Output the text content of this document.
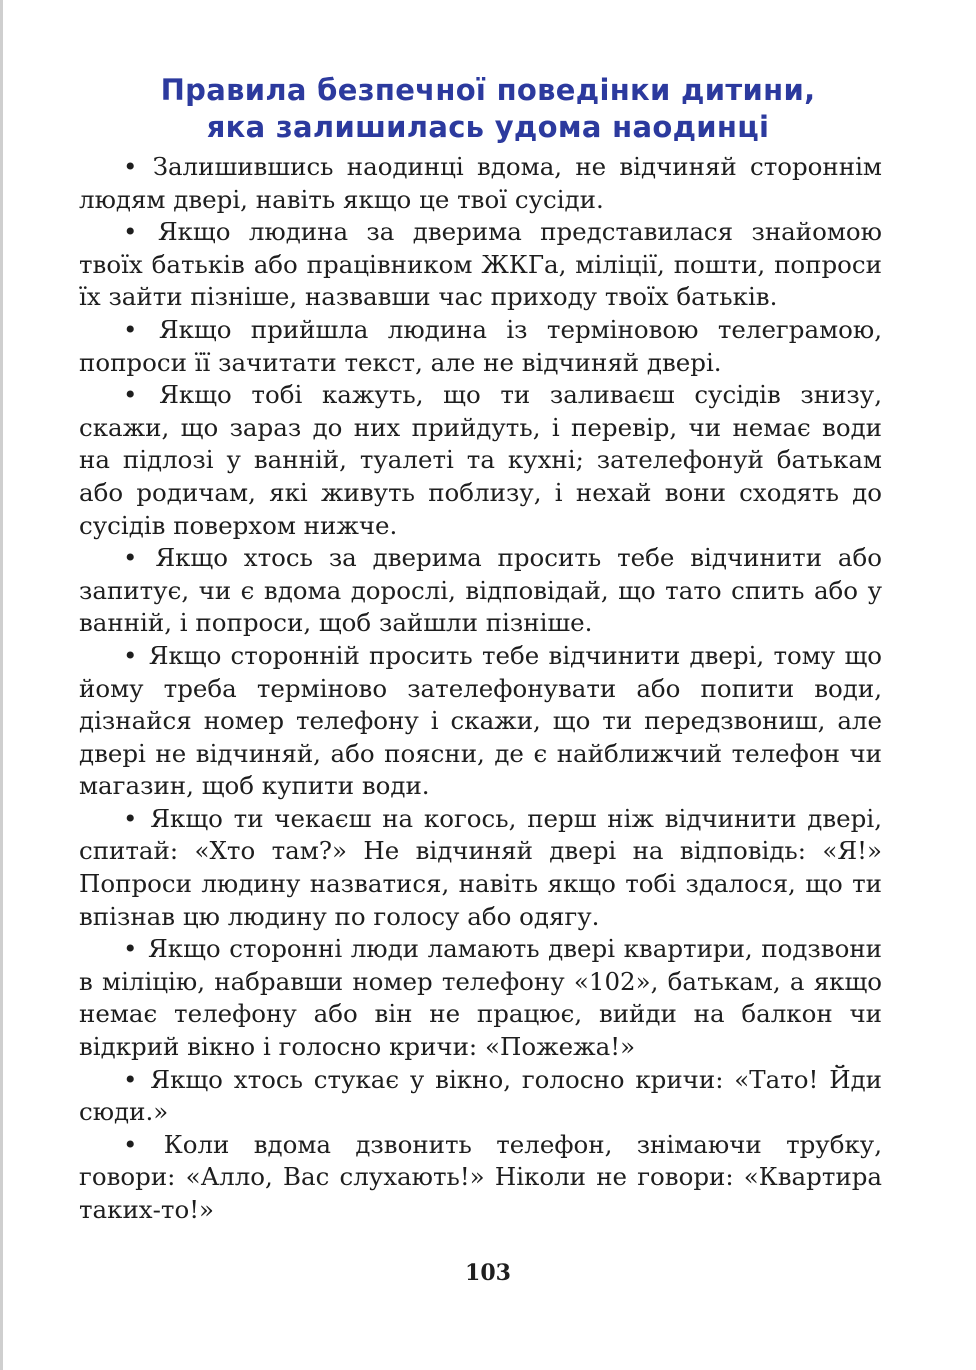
Правила безпечної поведінки дитини,
яка залишилась удома наодинці

• Залишившись наодинці вдома, не відчиняй стороннім людям двері, навіть якщо це твої сусіди.

• Якщо людина за дверима представилася знайомою твоїх батьків або працівником ЖКГа, міліції, пошти, попроси їх зайти пізніше, назвавши час приходу твоїх батьків.

• Якщо прийшла людина із терміновою телеграмою, попроси її зачитати текст, але не відчиняй двері.

• Якщо тобі кажуть, що ти заливаєш сусідів знизу, скажи, що зараз до них прийдуть, і перевір, чи немає води на підлозі у ванній, туалеті та кухні; зателефонуй батькам або родичам, які живуть поблизу, і нехай вони сходять до сусідів поверхом нижче.

• Якщо хтось за дверима просить тебе відчинити або запитує, чи є вдома дорослі, відповідай, що тато спить або у ванній, і попроси, щоб зайшли пізніше.

• Якщо сторонній просить тебе відчинити двері, тому що йому треба терміново зателефонувати або попити води, дізнайся номер телефону і скажи, що ти передзвониш, але двері не відчиняй, або поясни, де є найближчий телефон чи магазин, щоб купити води.

• Якщо ти чекаєш на когось, перш ніж відчинити двері, спитай: «Хто там?» Не відчиняй двері на відповідь: «Я!» Попроси людину назватися, навіть якщо тобі здалося, що ти впізнав цю людину по голосу або одягу.

• Якщо сторонні люди ламають двері квартири, подзвони в міліцію, набравши номер телефону «102», батькам, а якщо немає телефону або він не працює, вийди на балкон чи відкрий вікно і голосно кричи: «Пожежа!»

• Якщо хтось стукає у вікно, голосно кричи: «Тато! Йди сюди.»

• Коли вдома дзвонить телефон, знімаючи трубку, говори: «Алло, Вас слухають!» Ніколи не говори: «Квартира таких-то!»

103
